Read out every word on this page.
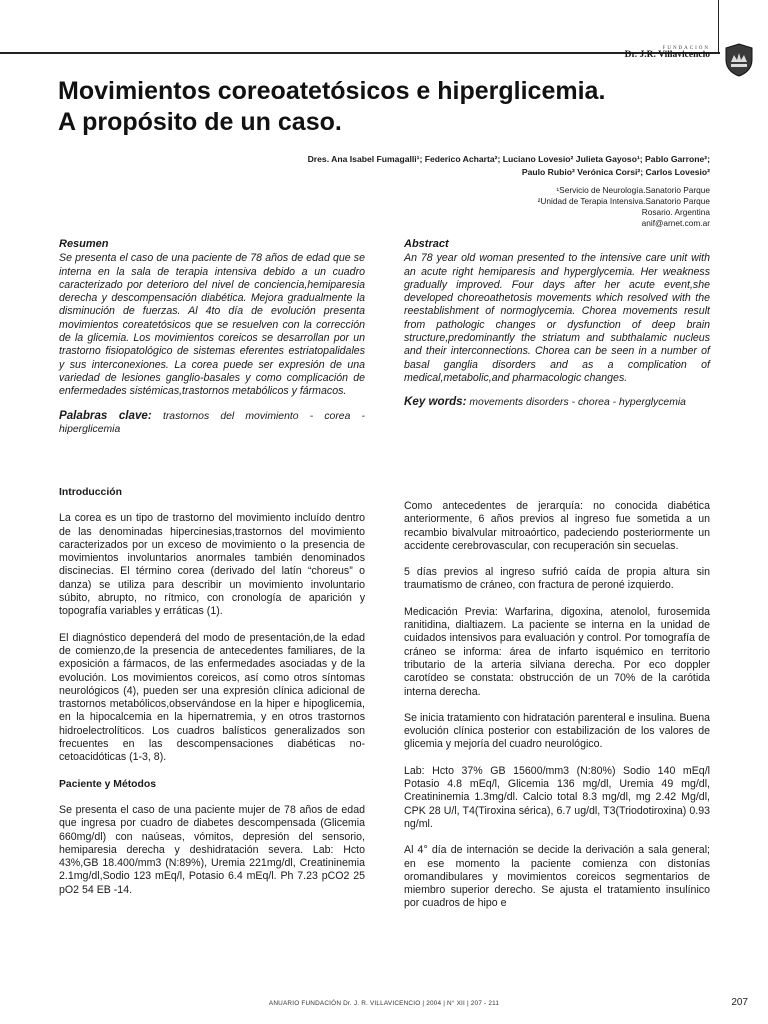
FUNDACION
Dr. J.R. Villavicencio
Movimientos coreoatetósicos e hiperglicemia.
A propósito de un caso.
Dres. Ana Isabel Fumagalli¹; Federico Acharta²; Luciano Lovesio² Julieta Gayoso¹; Pablo Garrone²;
Paulo Rubio² Verónica Corsi²; Carlos Lovesio²
¹Servicio de Neurología.Sanatorio Parque
²Unidad de Terapia Intensiva.Sanatorio Parque
Rosario. Argentina
anif@arnet.com.ar
Resumen
Se presenta el caso de una paciente de 78 años de edad que se interna en la sala de terapia intensiva debido a un cuadro caracterizado por deterioro del nivel de conciencia,hemiparesia derecha y descompensación diabética. Mejora gradualmente la disminución de fuerzas. Al 4to día de evolución presenta movimientos coreatetósicos que se resuelven con la corrección de la glicemia. Los movimientos coreicos se desarrollan por un trastorno fisiopatológico de sistemas eferentes estriatopalidales y sus interconexiones. La corea puede ser expresión de una variedad de lesiones ganglio-basales y como complicación de enfermedades sistémicas,trastornos metabólicos y fármacos.
Palabras clave: trastornos del movimiento - corea - hiperglicemia
Abstract
An 78 year old woman presented to the intensive care unit with an acute right hemiparesis and hyperglycemia. Her weakness gradually improved. Four days after her acute event,she developed choreoathetosis movements which resolved with the reestablishment of normoglycemia. Chorea movements result from pathologic changes or dysfunction of deep brain structure,predominantly the striatum and subthalamic nucleus and their interconnections. Chorea can be seen in a number of basal ganglia disorders and as a complication of medical,metabolic,and pharmacologic changes.
Key words: movements disorders - chorea - hyperglycemia
Introducción

La corea es un tipo de trastorno del movimiento incluído dentro de las denominadas hipercinesias,trastornos del movimiento caracterizados por un exceso de movimiento o la presencia de movimientos involuntarios anormales también denominados discinecias. El término corea (derivado del latín “choreus” o danza) se utiliza para describir un movimiento involuntario súbito, abrupto, no rítmico, con cronología de aparición y topografía variables y erráticas (1).

El diagnóstico dependerá del modo de presentación,de la edad de comienzo,de la presencia de antecedentes familiares, de la exposición a fármacos, de las enfermedades asociadas y de la evolución. Los movimientos coreicos, así como otros síntomas neurológicos (4), pueden ser una expresión clínica adicional de trastornos metabólicos,observándose en la hiper e hipoglicemia, en la hipocalcemia en la hipernatremia, y en otros trastornos hidroelectrolíticos. Los cuadros balísticos generalizados son frecuentes en las descompensaciones diabéticas no-cetoacidóticas (1-3, 8).

Paciente y Métodos

Se presenta el caso de una paciente mujer de 78 años de edad que ingresa por cuadro de diabetes descompensada (Glicemia 660mg/dl) con naúseas, vómitos, depresión del sensorio, hemiparesia derecha y deshidratación severa. Lab: Hcto 43%,GB 18.400/mm3 (N:89%), Uremia 221mg/dl, Creatininemia 2.1mg/dl,Sodio 123 mEq/l, Potasio 6.4 mEq/l. Ph 7.23 pCO2 25 pO2 54 EB -14.

Como antecedentes de jerarquía: no conocida diabética anteriormente, 6 años previos al ingreso fue sometida a un recambio bivalvular mitroaórtico, padeciendo posteriormente un accidente cerebrovascular, con recuperación sin secuelas.

5 días previos al ingreso sufrió caída de propia altura sin traumatismo de cráneo, con fractura de peroné izquierdo.

Medicación Previa: Warfarina, digoxina, atenolol, furosemida ranitidina, dialtiazem. La paciente se interna en la unidad de cuidados intensivos para evaluación y control. Por tomografía de cráneo se informa: área de infarto isquémico en territorio tributario de la arteria silviana derecha. Por eco doppler carotídeo se constata: obstrucción de un 70% de la carótida interna derecha.

Se inicia tratamiento con hidratación parenteral e insulina. Buena evolución clínica posterior con estabilización de los valores de glicemia y mejoría del cuadro neurológico.

Lab: Hcto 37% GB 15600/mm3 (N:80%) Sodio 140 mEq/l Potasio 4.8 mEq/l, Glicemia 136 mg/dl, Uremia 49 mg/dl, Creatininemia 1.3mg/dl. Calcio total 8.3 mg/dl, mg 2.42 Mg/dl, CPK 28 U/l, T4(Tiroxina sérica), 6.7 ug/dl, T3(Triodotiroxina) 0.93 ng/ml.

Al 4° día de internación se decide la derivación a sala general; en ese momento la paciente comienza con distonías oromandibulares y movimientos coreicos segmentarios de miembro superior derecho. Se ajusta el tratamiento insulínico por cuadros de hipo e

ANUARIO FUNDACIÓN Dr. J. R. VILLAVICENCIO | 2004 | N° XII | 207 - 211	207
